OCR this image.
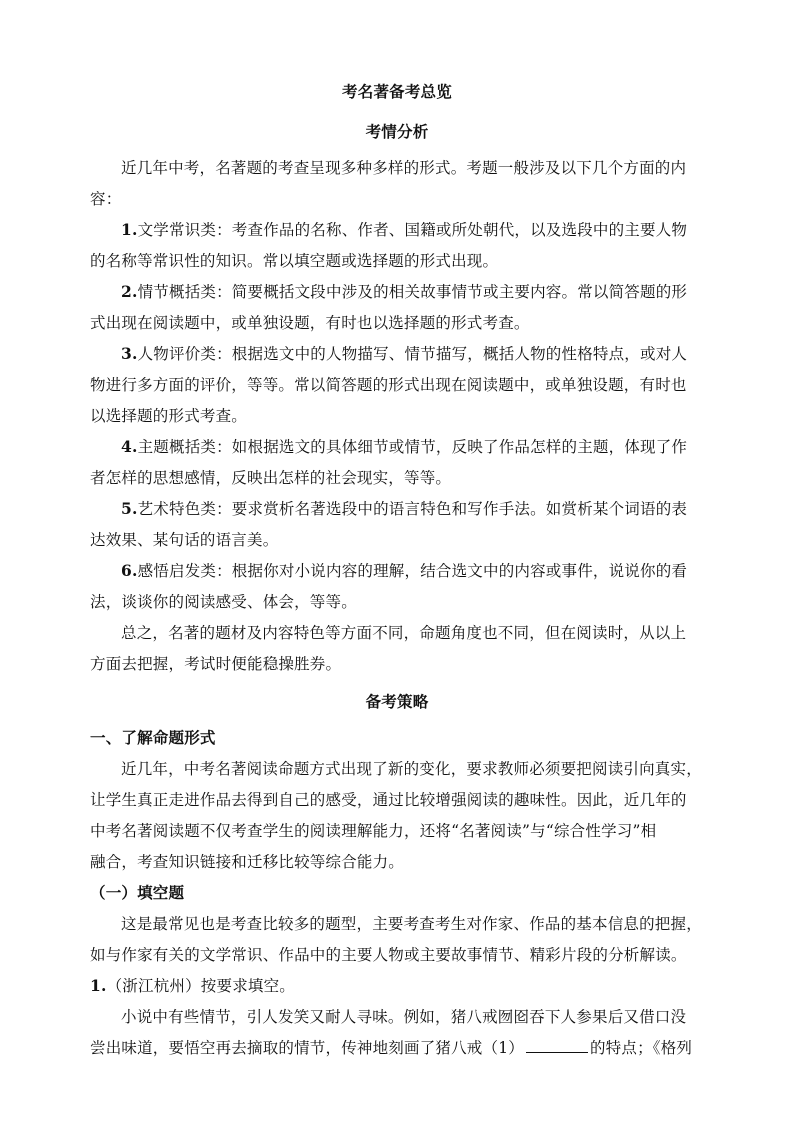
考名著备考总览
考情分析
近几年中考，名著题的考查呈现多种多样的形式。考题一般涉及以下几个方面的内
容：
1.文学常识类：考查作品的名称、作者、国籍或所处朝代，以及选段中的主要人物
的名称等常识性的知识。常以填空题或选择题的形式出现。
2.情节概括类：简要概括文段中涉及的相关故事情节或主要内容。常以简答题的形
式出现在阅读题中，或单独设题，有时也以选择题的形式考查。
3.人物评价类：根据选文中的人物描写、情节描写，概括人物的性格特点，或对人
物进行多方面的评价，等等。常以简答题的形式出现在阅读题中，或单独设题，有时也
以选择题的形式考查。
4.主题概括类：如根据选文的具体细节或情节，反映了作品怎样的主题，体现了作
者怎样的思想感情，反映出怎样的社会现实，等等。
5.艺术特色类：要求赏析名著选段中的语言特色和写作手法。如赏析某个词语的表
达效果、某句话的语言美。
6.感悟启发类：根据你对小说内容的理解，结合选文中的内容或事件，说说你的看
法，谈谈你的阅读感受、体会，等等。
总之，名著的题材及内容特色等方面不同，命题角度也不同，但在阅读时，从以上
方面去把握，考试时便能稳操胜券。
备考策略
一、了解命题形式
近几年，中考名著阅读命题方式出现了新的变化，要求教师必须要把阅读引向真实，
让学生真正走进作品去得到自己的感受，通过比较增强阅读的趣味性。因此，近几年的
中考名著阅读题不仅考查学生的阅读理解能力，还将“名著阅读”与“综合性学习”相
融合，考查知识链接和迁移比较等综合能力。
（一）填空题
这是最常见也是考查比较多的题型，主要考查考生对作家、作品的基本信息的把握，
如与作家有关的文学常识、作品中的主要人物或主要故事情节、精彩片段的分析解读。
1.（浙江杭州）按要求填空。
小说中有些情节，引人发笑又耐人寻味。例如，猪八戒囫囵吞下人参果后又借口没
尝出味道，要悟空再去摘取的情节，传神地刻画了猪八戒（1）	的特点；《格列
